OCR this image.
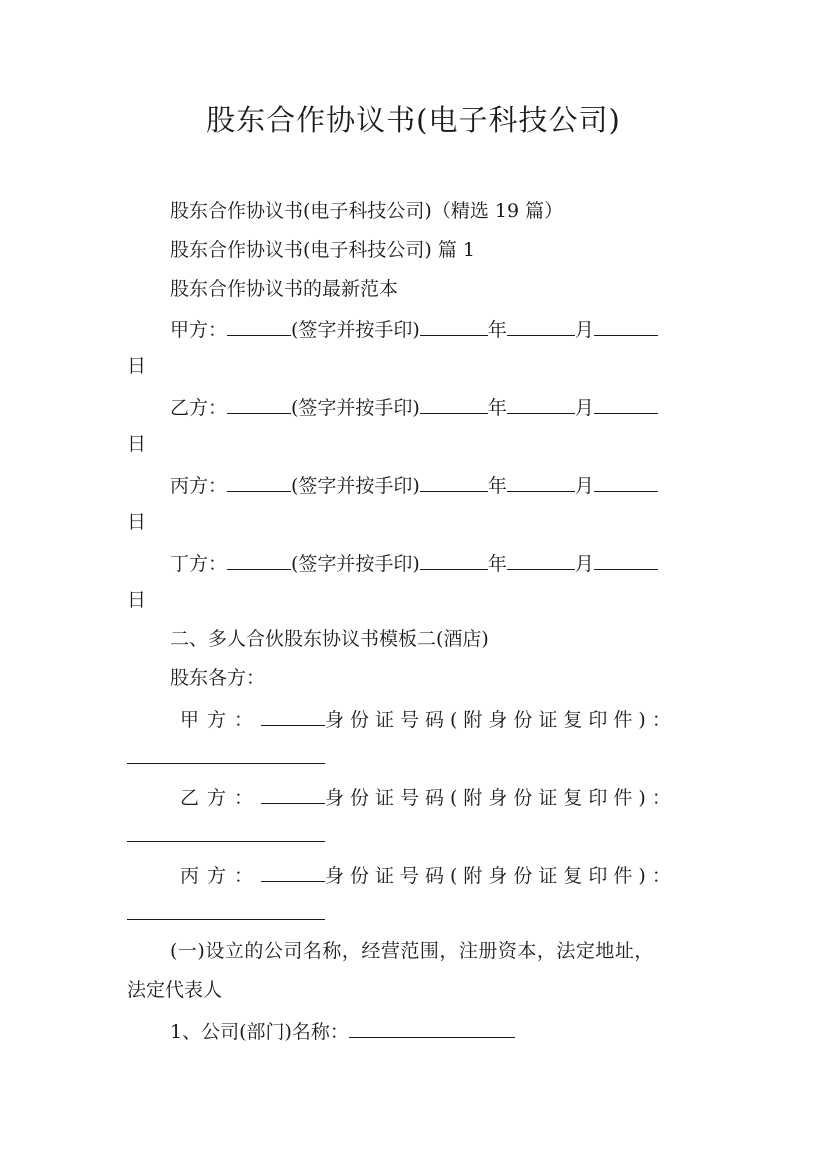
股东合作协议书(电子科技公司)
股东合作协议书(电子科技公司)（精选 19 篇）
股东合作协议书(电子科技公司) 篇 1
股东合作协议书的最新范本
甲方：	(签字并按手印)	年	月
日
乙方：	(签字并按手印)	年	月
日
丙方：	(签字并按手印)	年	月
日
丁方：	(签字并按手印)	年	月
日
二、多人合伙股东协议书模板二(酒店)
股东各方：
甲方：	身份证号码(附身份证复印件)：
乙方：	身份证号码(附身份证复印件)：
丙方：	身份证号码(附身份证复印件)：
(一)设立的公司名称，经营范围，注册资本，法定地址，
法定代表人
1、公司(部门)名称：
